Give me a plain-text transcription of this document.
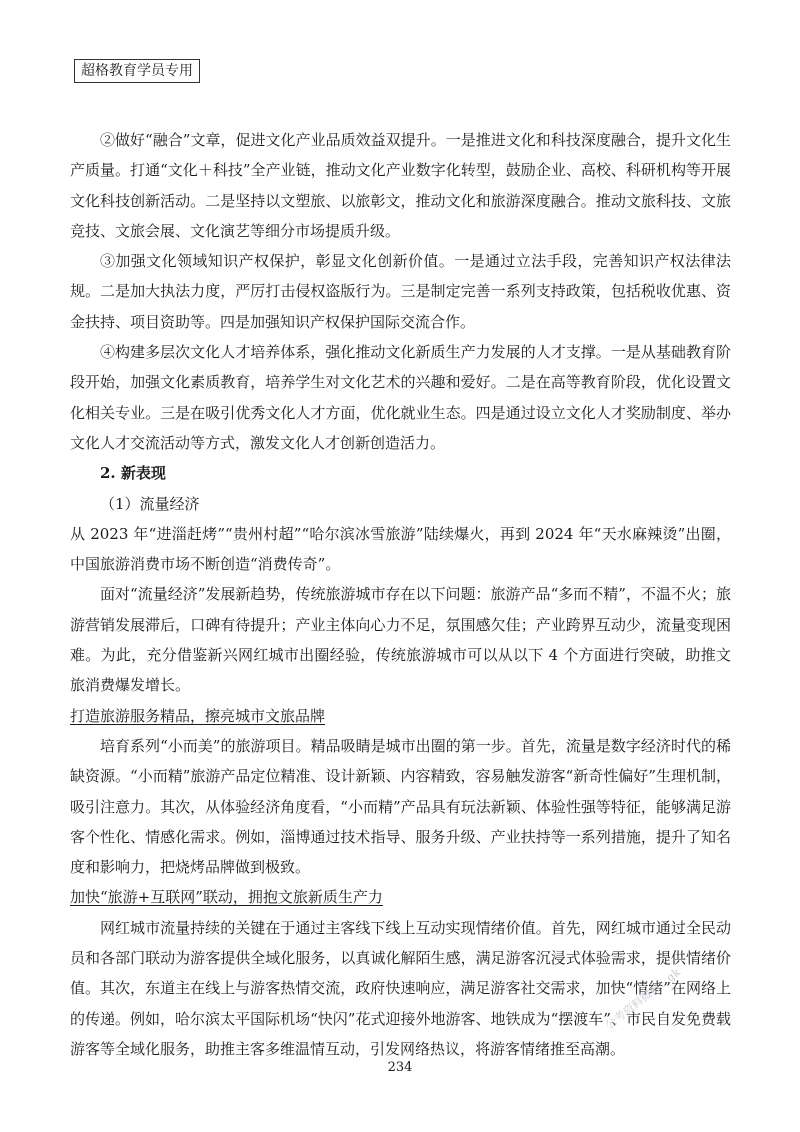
超格教育学员专用

②做好“融合”文章，促进文化产业品质效益双提升。一是推进文化和科技深度融合，提升文化生产质量。打通“文化＋科技”全产业链，推动文化产业数字化转型，鼓励企业、高校、科研机构等开展文化科技创新活动。二是坚持以文塑旅、以旅彰文，推动文化和旅游深度融合。推动文旅科技、文旅竞技、文旅会展、文化演艺等细分市场提质升级。

③加强文化领域知识产权保护，彰显文化创新价值。一是通过立法手段，完善知识产权法律法规。二是加大执法力度，严厉打击侵权盗版行为。三是制定完善一系列支持政策，包括税收优惠、资金扶持、项目资助等。四是加强知识产权保护国际交流合作。

④构建多层次文化人才培养体系，强化推动文化新质生产力发展的人才支撑。一是从基础教育阶段开始，加强文化素质教育，培养学生对文化艺术的兴趣和爱好。二是在高等教育阶段，优化设置文化相关专业。三是在吸引优秀文化人才方面，优化就业生态。四是通过设立文化人才奖励制度、举办文化人才交流活动等方式，激发文化人才创新创造活力。

2. 新表现

（1）流量经济

从 2023 年“进淄赶烤”“贵州村超”“哈尔滨冰雪旅游”陆续爆火，再到 2024 年“天水麻辣烫”出圈，中国旅游消费市场不断创造“消费传奇”。

面对“流量经济”发展新趋势，传统旅游城市存在以下问题：旅游产品“多而不精”，不温不火；旅游营销发展滞后，口碑有待提升；产业主体向心力不足，氛围感欠佳；产业跨界互动少，流量变现困难。为此，充分借鉴新兴网红城市出圈经验，传统旅游城市可以从以下 4 个方面进行突破，助推文旅消费爆发增长。

打造旅游服务精品，擦亮城市文旅品牌

培育系列“小而美”的旅游项目。精品吸睛是城市出圈的第一步。首先，流量是数字经济时代的稀缺资源。“小而精”旅游产品定位精准、设计新颖、内容精致，容易触发游客“新奇性偏好”生理机制，吸引注意力。其次，从体验经济角度看，“小而精”产品具有玩法新颖、体验性强等特征，能够满足游客个性化、情感化需求。例如，淄博通过技术指导、服务升级、产业扶持等一系列措施，提升了知名度和影响力，把烧烤品牌做到极致。

加快“旅游+互联网”联动，拥抱文旅新质生产力

网红城市流量持续的关键在于通过主客线下线上互动实现情绪价值。首先，网红城市通过全民动员和各部门联动为游客提供全域化服务，以真诚化解陌生感，满足游客沉浸式体验需求，提供情绪价值。其次，东道主在线上与游客热情交流，政府快速响应，满足游客社交需求，加快“情绪”在网络上的传递。例如，哈尔滨太平国际机场“快闪”花式迎接外地游客、地铁成为“摆渡车”、市民自发免费载游客等全域化服务，助推主客多维温情互动，引发网络热议，将游客情绪推至高潮。

公考资料微信：gk
234
